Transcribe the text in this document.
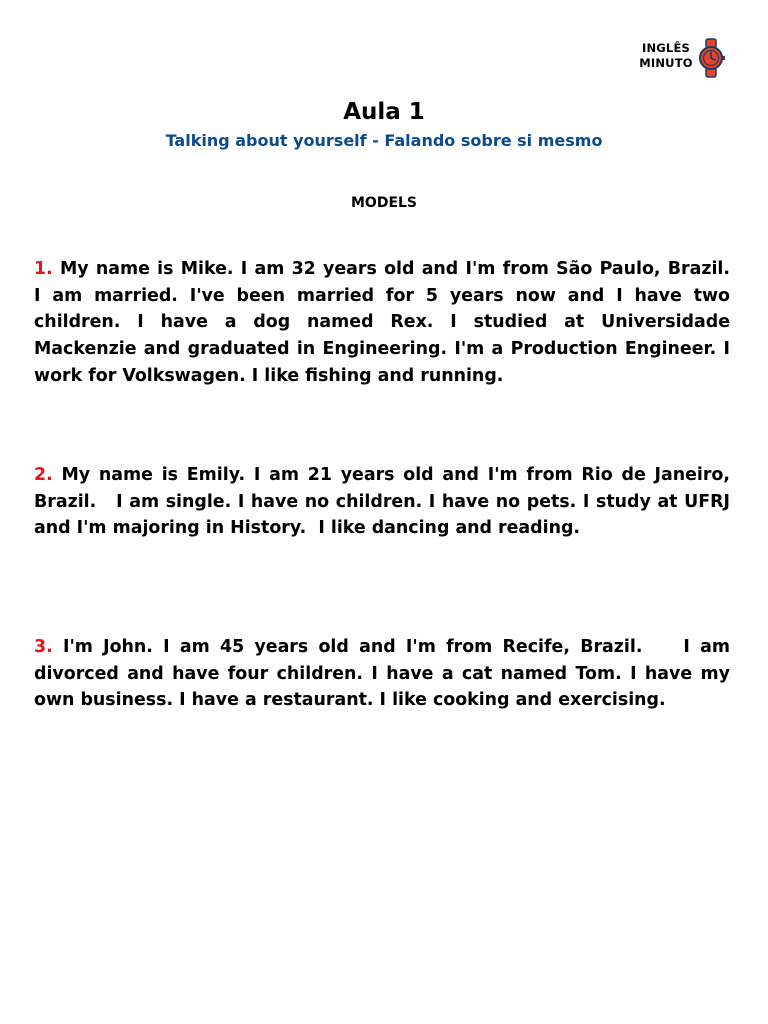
INGLÊS
MINUTO
Aula 1
Talking about yourself - Falando sobre si mesmo
MODELS

1. My name is Mike. I am 32 years old and I'm from São Paulo, Brazil.   I am married. I've been married for 5 years now and I have two children. I have a dog named Rex. I studied at Universidade Mackenzie and graduated in Engineering. I'm a Production Engineer. I work for Volkswagen. I like fishing and running.

2. My name is Emily. I am 21 years old and I'm from Rio de Janeiro, Brazil.   I am single. I have no children. I have no pets. I study at UFRJ and I'm majoring in History.  I like dancing and reading.

3. I'm John. I am 45 years old and I'm from Recife, Brazil.    I am divorced and have four children. I have a cat named Tom. I have my own business. I have a restaurant. I like cooking and exercising.
